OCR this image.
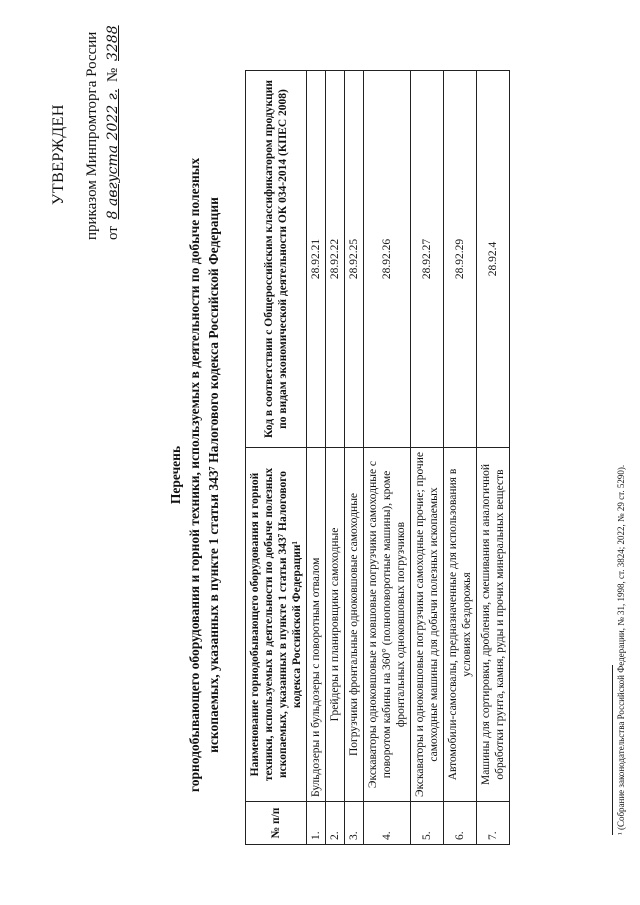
УТВЕРЖДЕН приказом Минпромторга России от 8 августа 2022 г. № 3288
Перечень горнодобывающего оборудования и горной техники, используемых в деятельности по добыче полезных ископаемых, указанных в пункте 1 статьи 343⁷ Налогового кодекса Российской Федерации
№ п/п	Наименование горнодобывающего оборудования и горной техники, используемых в деятельности по добыче полезных ископаемых, указанных в пункте 1 статьи 343⁷ Налогового кодекса Российской Федерации¹	Код в соответствии с Общероссийским классификатором продукции по видам экономической деятельности ОК 034-2014 (КПЕС 2008)
1.	Бульдозеры и бульдозеры с поворотным отвалом	28.92.21
2.	Грейдеры и планировщики самоходные	28.92.22
3.	Погрузчики фронтальные одноковшовые самоходные	28.92.25
4.	Экскаваторы одноковшовые и ковшовые погрузчики самоходные с поворотом кабины на 360° (полноповоротные машины), кроме фронтальных одноковшовых погрузчиков	28.92.26
5.	Экскаваторы и одноковшовые погрузчики самоходные прочие; прочие самоходные машины для добычи полезных ископаемых	28.92.27
6.	Автомобили-самосвалы, предназначенные для использования в условиях бездорожья	28.92.29
7.	Машины для сортировки, дробления, смешивания и аналогичной обработки грунта, камня, руды и прочих минеральных веществ	28.92.4
¹ (Собрание законодательства Российской Федерации, № 31, 1998, ст. 3824; 2022, № 29 ст. 5290).
